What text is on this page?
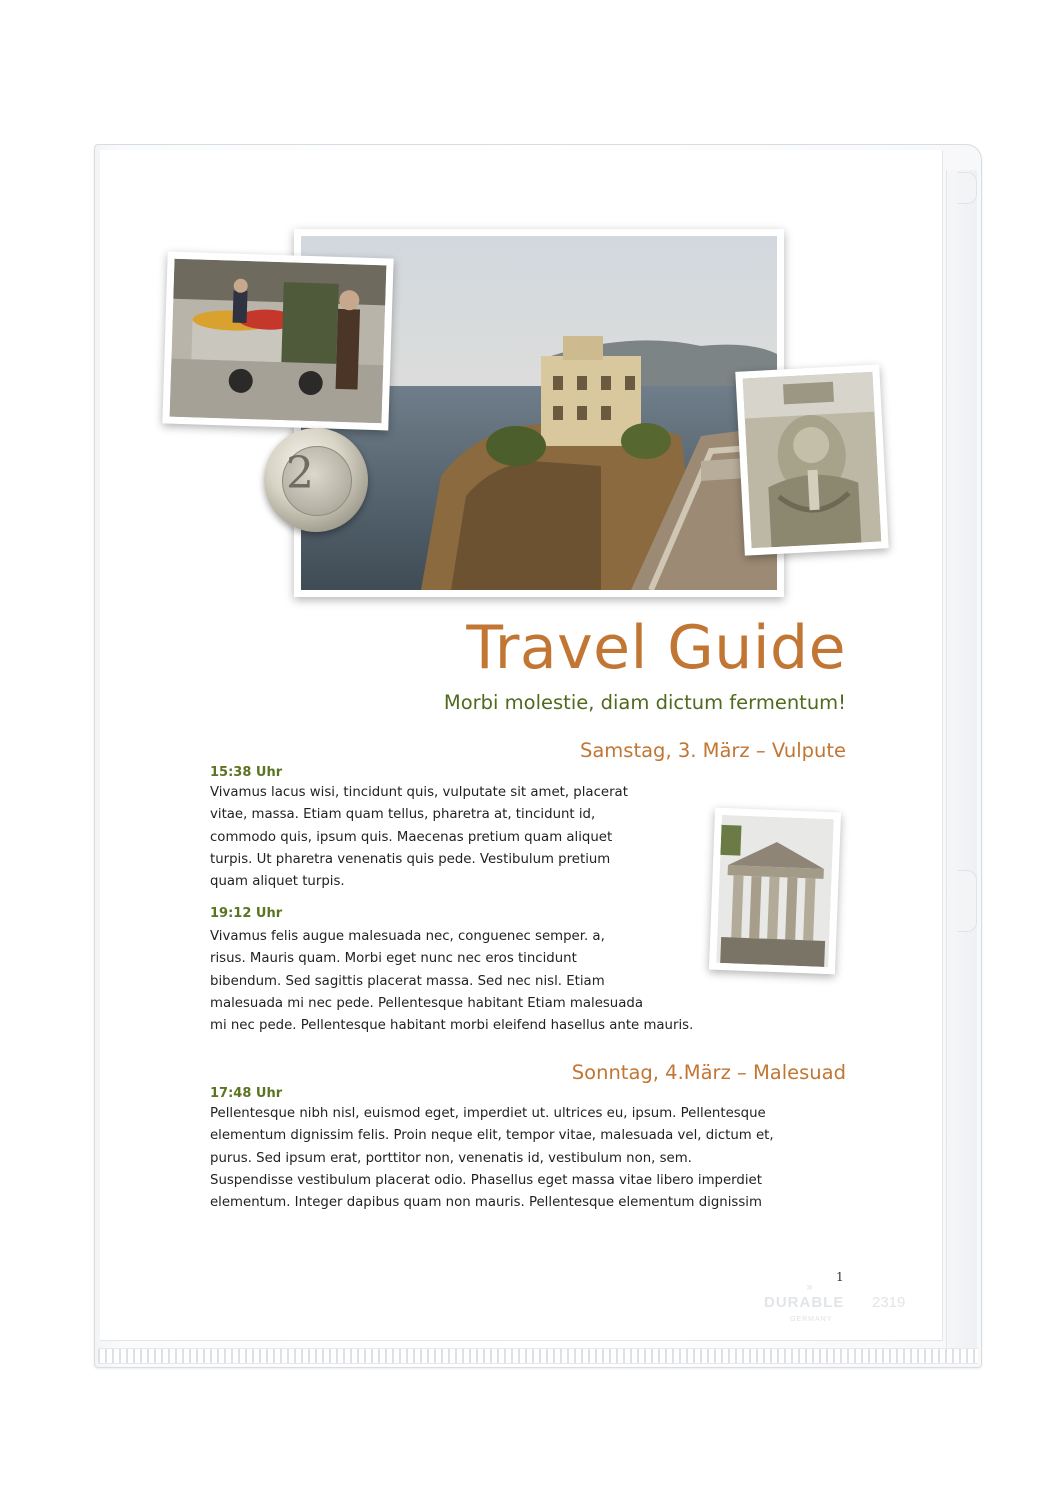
2
Travel Guide
Morbi molestie, diam dictum fermentum!
Samstag, 3. März – Vulpute
15:38 Uhr
Vivamus lacus wisi, tincidunt quis, vulputate sit amet, placerat
vitae, massa. Etiam quam tellus, pharetra at, tincidunt id,
commodo quis, ipsum quis. Maecenas pretium quam aliquet
turpis. Ut pharetra venenatis quis pede. Vestibulum pretium
quam aliquet turpis.
19:12 Uhr
Vivamus felis augue malesuada nec, conguenec semper. a,
risus. Mauris quam. Morbi eget nunc nec eros tincidunt
bibendum. Sed sagittis placerat massa. Sed nec nisl. Etiam
malesuada mi nec pede. Pellentesque habitant Etiam malesuada
mi nec pede. Pellentesque habitant morbi eleifend hasellus ante mauris.
Sonntag, 4.März – Malesuad
17:48 Uhr
Pellentesque nibh nisl, euismod eget, imperdiet ut. ultrices eu, ipsum. Pellentesque
elementum dignissim felis. Proin neque elit, tempor vitae, malesuada vel, dictum et,
purus. Sed ipsum erat, porttitor non, venenatis id, vestibulum non, sem.
Suspendisse vestibulum placerat odio. Phasellus eget massa vitae libero imperdiet
elementum. Integer dapibus quam non mauris. Pellentesque elementum dignissim
1
»
DURABLE 2319
GERMANY
